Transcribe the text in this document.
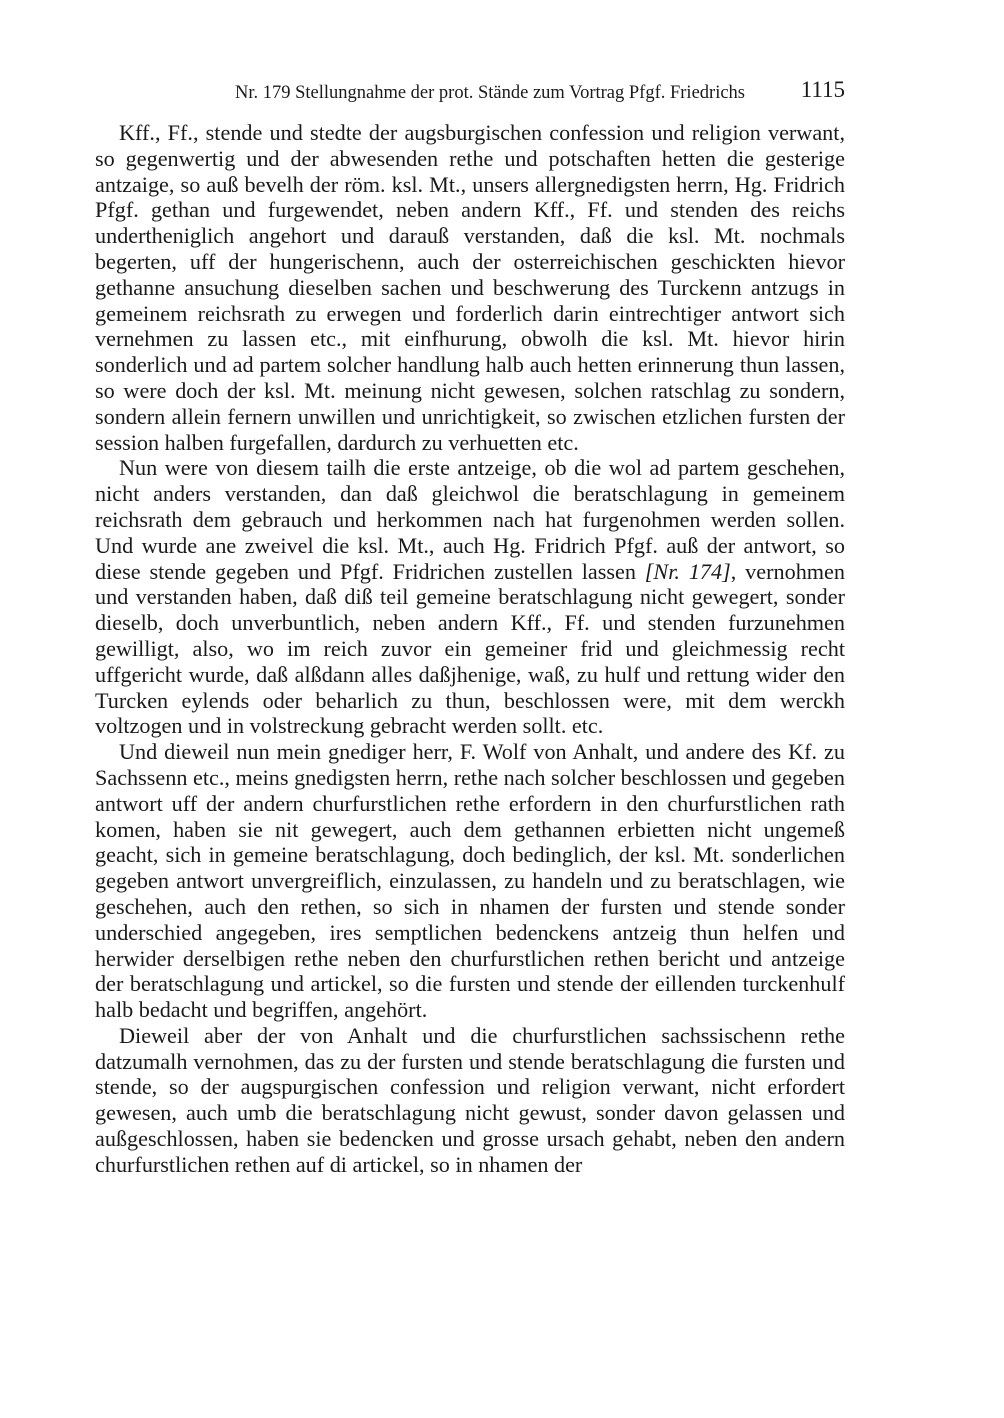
Nr. 179 Stellungnahme der prot. Stände zum Vortrag Pfgf. Friedrichs 1115

Kff., Ff., stende und stedte der augsburgischen confession und religion verwant, so gegenwertig und der abwesenden rethe und potschaften hetten die gesterige antzaige, so auß bevelh der röm. ksl. Mt., unsers allergnedigsten herrn, Hg. Fridrich Pfgf. gethan und furgewendet, neben andern Kff., Ff. und stenden des reichs undertheniglich angehort und darauß verstanden, daß die ksl. Mt. nochmals begerten, uff der hungerischenn, auch der osterreichischen geschickten hievor gethanne ansuchung dieselben sachen und beschwerung des Turckenn antzugs in gemeinem reichsrath zu erwegen und forderlich darin eintrechtiger antwort sich vernehmen zu lassen etc., mit einfhurung, obwolh die ksl. Mt. hievor hirin sonderlich und ad partem solcher handlung halb auch hetten erinnerung thun lassen, so were doch der ksl. Mt. meinung nicht gewesen, solchen ratschlag zu sondern, sondern allein fernern unwillen und unrichtigkeit, so zwischen etzlichen fursten der session halben furgefallen, dardurch zu verhuetten etc.

Nun were von diesem tailh die erste antzeige, ob die wol ad partem geschehen, nicht anders verstanden, dan daß gleichwol die beratschlagung in gemeinem reichsrath dem gebrauch und herkommen nach hat furgenohmen werden sollen. Und wurde ane zweivel die ksl. Mt., auch Hg. Fridrich Pfgf. auß der antwort, so diese stende gegeben und Pfgf. Fridrichen zustellen lassen [Nr. 174], vernohmen und verstanden haben, daß diß teil gemeine beratschlagung nicht gewegert, sonder dieselb, doch unverbuntlich, neben andern Kff., Ff. und stenden furzunehmen gewilligt, also, wo im reich zuvor ein gemeiner frid und gleichmessig recht uffgericht wurde, daß alßdann alles daßjhenige, waß, zu hulf und rettung wider den Turcken eylends oder beharlich zu thun, beschlossen were, mit dem werckh voltzogen und in volstreckung gebracht werden sollt. etc.

Und dieweil nun mein gnediger herr, F. Wolf von Anhalt, und andere des Kf. zu Sachssenn etc., meins gnedigsten herrn, rethe nach solcher beschlossen und gegeben antwort uff der andern churfurstlichen rethe erfordern in den churfurstlichen rath komen, haben sie nit gewegert, auch dem gethannen erbietten nicht ungemeß geacht, sich in gemeine beratschlagung, doch bedinglich, der ksl. Mt. sonderlichen gegeben antwort unvergreiflich, einzulassen, zu handeln und zu beratschlagen, wie geschehen, auch den rethen, so sich in nhamen der fursten und stende sonder underschied angegeben, ires semptlichen bedenckens antzeig thun helfen und herwider derselbigen rethe neben den churfurstlichen rethen bericht und antzeige der beratschlagung und artickel, so die fursten und stende der eillenden turckenhulf halb bedacht und begriffen, angehört.

Dieweil aber der von Anhalt und die churfurstlichen sachssischenn rethe datzumalh vernohmen, das zu der fursten und stende beratschlagung die fursten und stende, so der augspurgischen confession und religion verwant, nicht erfordert gewesen, auch umb die beratschlagung nicht gewust, sonder davon gelassen und außgeschlossen, haben sie bedencken und grosse ursach gehabt, neben den andern churfurstlichen rethen auf di artickel, so in nhamen der
